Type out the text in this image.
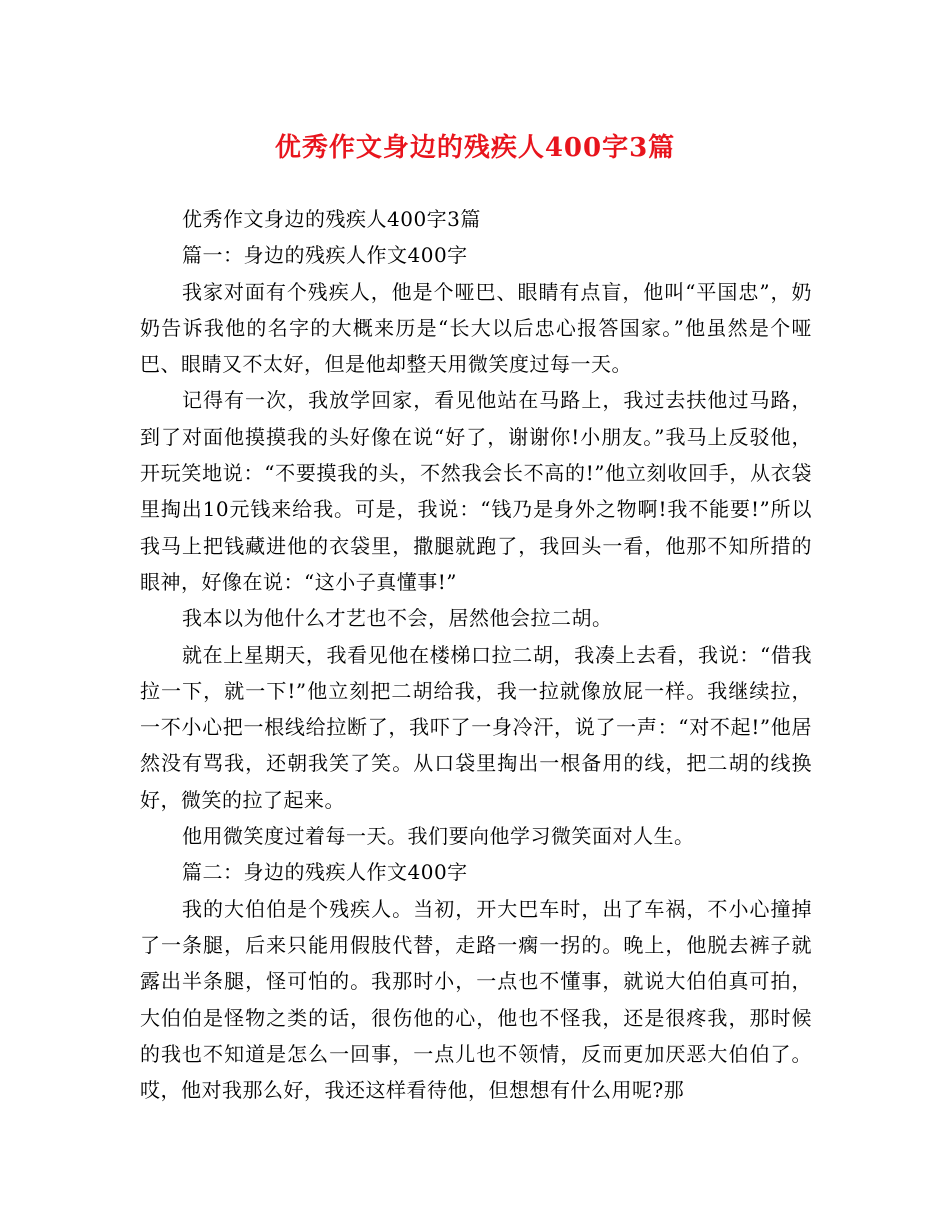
优秀作文身边的残疾人400字3篇

优秀作文身边的残疾人400字3篇

篇一：身边的残疾人作文400字

我家对面有个残疾人，他是个哑巴、眼睛有点盲，他叫“平国忠”，奶奶告诉我他的名字的大概来历是“长大以后忠心报答国家。”他虽然是个哑巴、眼睛又不太好，但是他却整天用微笑度过每一天。

记得有一次，我放学回家，看见他站在马路上，我过去扶他过马路，到了对面他摸摸我的头好像在说“好了，谢谢你!小朋友。”我马上反驳他，开玩笑地说：“不要摸我的头，不然我会长不高的!”他立刻收回手，从衣袋里掏出10元钱来给我。可是，我说：“钱乃是身外之物啊!我不能要!”所以我马上把钱藏进他的衣袋里，撒腿就跑了，我回头一看，他那不知所措的眼神，好像在说：“这小子真懂事!”

我本以为他什么才艺也不会，居然他会拉二胡。

就在上星期天，我看见他在楼梯口拉二胡，我凑上去看，我说：“借我拉一下，就一下!”他立刻把二胡给我，我一拉就像放屁一样。我继续拉，一不小心把一根线给拉断了，我吓了一身冷汗，说了一声：“对不起!”他居然没有骂我，还朝我笑了笑。从口袋里掏出一根备用的线，把二胡的线换好，微笑的拉了起来。

他用微笑度过着每一天。我们要向他学习微笑面对人生。

篇二：身边的残疾人作文400字

我的大伯伯是个残疾人。当初，开大巴车时，出了车祸，不小心撞掉了一条腿，后来只能用假肢代替，走路一瘸一拐的。晚上，他脱去裤子就露出半条腿，怪可怕的。我那时小，一点也不懂事，就说大伯伯真可拍，大伯伯是怪物之类的话，很伤他的心，他也不怪我，还是很疼我，那时候的我也不知道是怎么一回事，一点儿也不领情，反而更加厌恶大伯伯了。哎，他对我那么好，我还这样看待他，但想想有什么用呢?那
